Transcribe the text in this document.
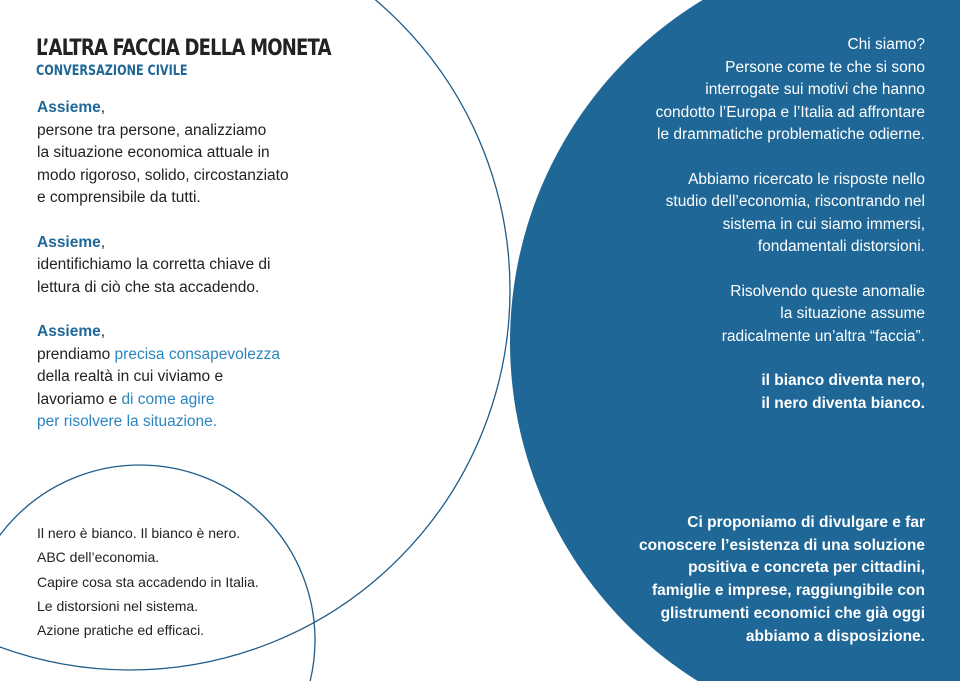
L’ALTRA FACCIA DELLA MONETA
CONVERSAZIONE CIVILE

Assieme,
persone tra persone, analizziamo
la situazione economica attuale in
modo rigoroso, solido, circostanziato
e comprensibile da tutti.

Assieme,
identifichiamo la corretta chiave di
lettura di ciò che sta accadendo.

Assieme,
prendiamo precisa consapevolezza
della realtà in cui viviamo e
lavoriamo e di come agire
per risolvere la situazione.

Il nero è bianco. Il bianco è nero.
ABC dell’economia.
Capire cosa sta accadendo in Italia.
Le distorsioni nel sistema.
Azione pratiche ed efficaci.

Chi siamo?
Persone come te che si sono
interrogate sui motivi che hanno
condotto l’Europa e l’Italia ad affrontare
le drammatiche problematiche odierne.

Abbiamo ricercato le risposte nello
studio dell’economia, riscontrando nel
sistema in cui siamo immersi,
fondamentali distorsioni.

Risolvendo queste anomalie
la situazione assume
radicalmente un’altra “faccia”.

il bianco diventa nero,
il nero diventa bianco.

Ci proponiamo di divulgare e far
conoscere l’esistenza di una soluzione
positiva e concreta per cittadini,
famiglie e imprese, raggiungibile con
glistrumenti economici che già oggi
abbiamo a disposizione.
